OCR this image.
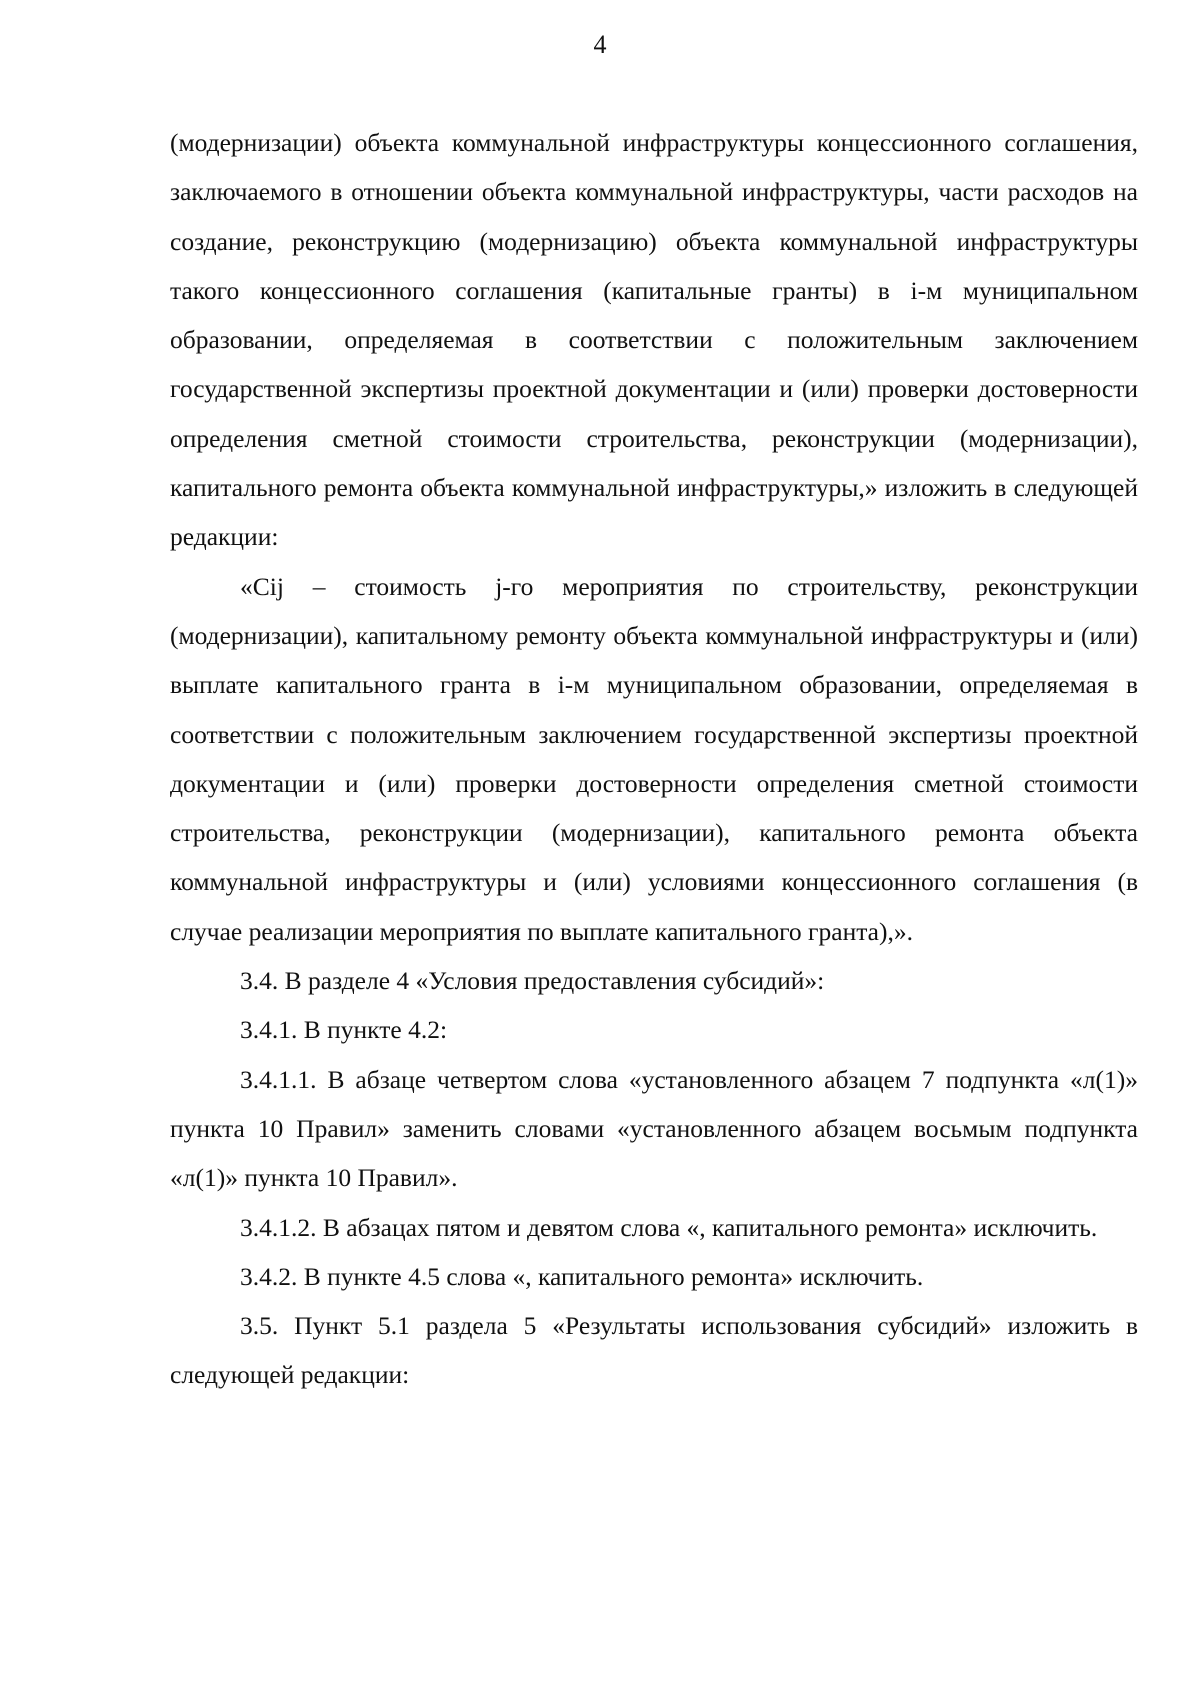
4

(модернизации) объекта коммунальной инфраструктуры концессионного соглашения, заключаемого в отношении объекта коммунальной инфраструктуры, части расходов на создание, реконструкцию (модернизацию) объекта коммунальной инфраструктуры такого концессионного соглашения (капитальные гранты) в i-м муниципальном образовании, определяемая в соответствии с положительным заключением государственной экспертизы проектной документации и (или) проверки достоверности определения сметной стоимости строительства, реконструкции (модернизации), капитального ремонта объекта коммунальной инфраструктуры,» изложить в следующей редакции:

«Cij – стоимость j-го мероприятия по строительству, реконструкции (модернизации), капитальному ремонту объекта коммунальной инфраструктуры и (или) выплате капитального гранта в i-м муниципальном образовании, определяемая в соответствии с положительным заключением государственной экспертизы проектной документации и (или) проверки достоверности определения сметной стоимости строительства, реконструкции (модернизации), капитального ремонта объекта коммунальной инфраструктуры и (или) условиями концессионного соглашения (в случае реализации мероприятия по выплате капитального гранта),».

3.4. В разделе 4 «Условия предоставления субсидий»:

3.4.1. В пункте 4.2:

3.4.1.1. В абзаце четвертом слова «установленного абзацем 7 подпункта «л(1)» пункта 10 Правил» заменить словами «установленного абзацем восьмым подпункта «л(1)» пункта 10 Правил».

3.4.1.2. В абзацах пятом и девятом слова «, капитального ремонта» исключить.

3.4.2. В пункте 4.5 слова «, капитального ремонта» исключить.

3.5. Пункт 5.1 раздела 5 «Результаты использования субсидий» изложить в следующей редакции:
